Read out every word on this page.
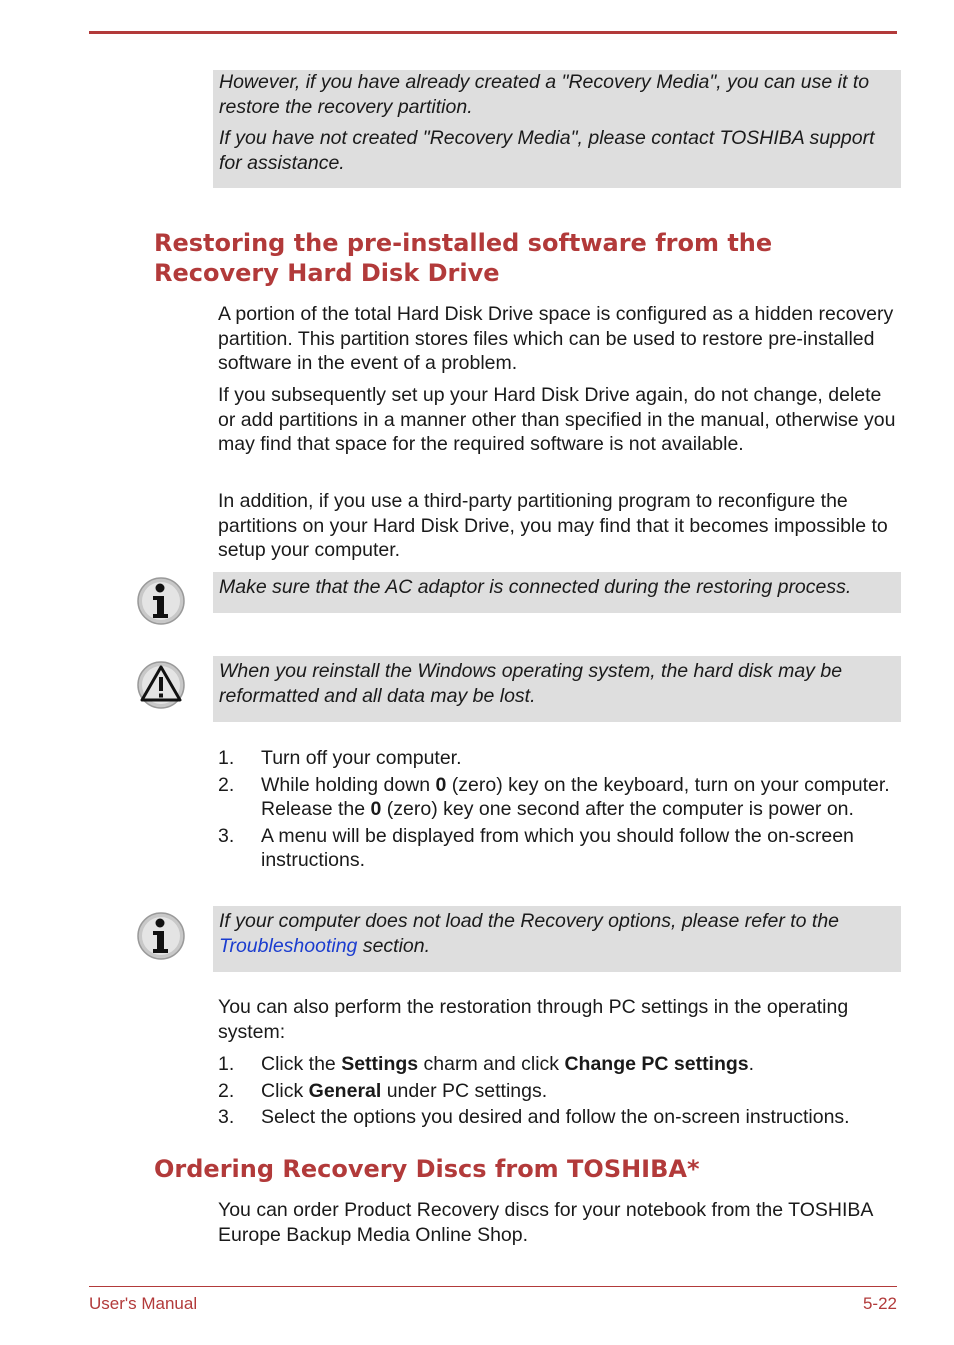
However, if you have already created a "Recovery Media", you can use it to restore the recovery partition.

If you have not created "Recovery Media", please contact TOSHIBA support for assistance.

Restoring the pre-installed software from the
Recovery Hard Disk Drive

A portion of the total Hard Disk Drive space is configured as a hidden recovery partition. This partition stores files which can be used to restore pre-installed software in the event of a problem.

If you subsequently set up your Hard Disk Drive again, do not change, delete or add partitions in a manner other than specified in the manual, otherwise you may find that space for the required software is not available.

In addition, if you use a third-party partitioning program to reconfigure the partitions on your Hard Disk Drive, you may find that it becomes impossible to setup your computer.

Make sure that the AC adaptor is connected during the restoring process.

When you reinstall the Windows operating system, the hard disk may be reformatted and all data may be lost.

1. Turn off your computer.
2. While holding down 0 (zero) key on the keyboard, turn on your computer. Release the 0 (zero) key one second after the computer is power on.
3. A menu will be displayed from which you should follow the on-screen instructions.

If your computer does not load the Recovery options, please refer to the Troubleshooting section.

You can also perform the restoration through PC settings in the operating system:

1. Click the Settings charm and click Change PC settings.
2. Click General under PC settings.
3. Select the options you desired and follow the on-screen instructions.
Ordering Recovery Discs from TOSHIBA*

You can order Product Recovery discs for your notebook from the TOSHIBA Europe Backup Media Online Shop.

User's Manual	5-22
